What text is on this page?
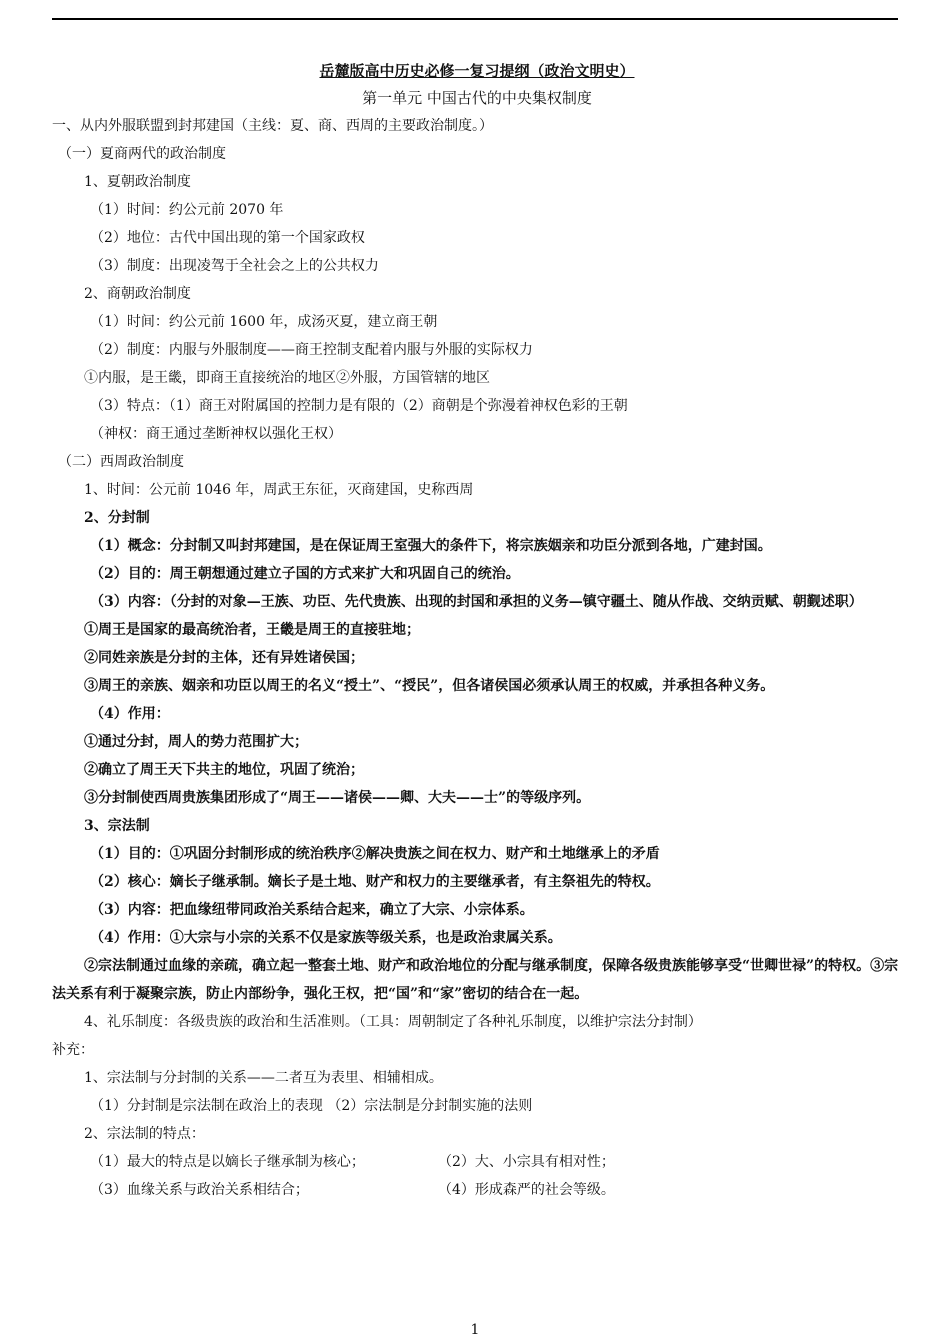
岳麓版高中历史必修一复习提纲（政治文明史）
第一单元 中国古代的中央集权制度
一、从内外服联盟到封邦建国（主线：夏、商、西周的主要政治制度。）
（一）夏商两代的政治制度
1、夏朝政治制度
（1）时间：约公元前 2070 年
（2）地位：古代中国出现的第一个国家政权
（3）制度：出现凌驾于全社会之上的公共权力
2、商朝政治制度
（1）时间：约公元前 1600 年，成汤灭夏，建立商王朝
（2）制度：内服与外服制度——商王控制支配着内服与外服的实际权力
①内服，是王畿，即商王直接统治的地区②外服，方国管辖的地区
（3）特点：（1）商王对附属国的控制力是有限的（2）商朝是个弥漫着神权色彩的王朝
（神权：商王通过垄断神权以强化王权）
（二）西周政治制度
1、时间：公元前 1046 年，周武王东征，灭商建国，史称西周
2、分封制
（1）概念：分封制又叫封邦建国，是在保证周王室强大的条件下，将宗族姻亲和功臣分派到各地，广建封国。
（2）目的：周王朝想通过建立子国的方式来扩大和巩固自己的统治。
（3）内容：（分封的对象—王族、功臣、先代贵族、出现的封国和承担的义务—镇守疆土、随从作战、交纳贡赋、朝觐述职）
①周王是国家的最高统治者，王畿是周王的直接驻地；
②同姓亲族是分封的主体，还有异姓诸侯国；
③周王的亲族、姻亲和功臣以周王的名义“授土”、“授民”，但各诸侯国必须承认周王的权威，并承担各种义务。
（4）作用：
①通过分封，周人的势力范围扩大；
②确立了周王天下共主的地位，巩固了统治；
③分封制使西周贵族集团形成了“周王——诸侯——卿、大夫——士”的等级序列。
3、宗法制
（1）目的：①巩固分封制形成的统治秩序②解决贵族之间在权力、财产和土地继承上的矛盾
（2）核心：嫡长子继承制。嫡长子是土地、财产和权力的主要继承者，有主祭祖先的特权。
（3）内容：把血缘纽带同政治关系结合起来，确立了大宗、小宗体系。
（4）作用：①大宗与小宗的关系不仅是家族等级关系，也是政治隶属关系。
②宗法制通过血缘的亲疏，确立起一整套土地、财产和政治地位的分配与继承制度，保障各级贵族能够享受“世卿世禄”的特权。③宗法关系有利于凝聚宗族，防止内部纷争，强化王权，把“国”和“家”密切的结合在一起。
4、礼乐制度：各级贵族的政治和生活准则。（工具：周朝制定了各种礼乐制度，以维护宗法分封制）
补充：
1、宗法制与分封制的关系——二者互为表里、相辅相成。
（1）分封制是宗法制在政治上的表现 （2）宗法制是分封制实施的法则
2、宗法制的特点：
（1）最大的特点是以嫡长子继承制为核心；	（2）大、小宗具有相对性；
（3）血缘关系与政治关系相结合；	（4）形成森严的社会等级。
1
